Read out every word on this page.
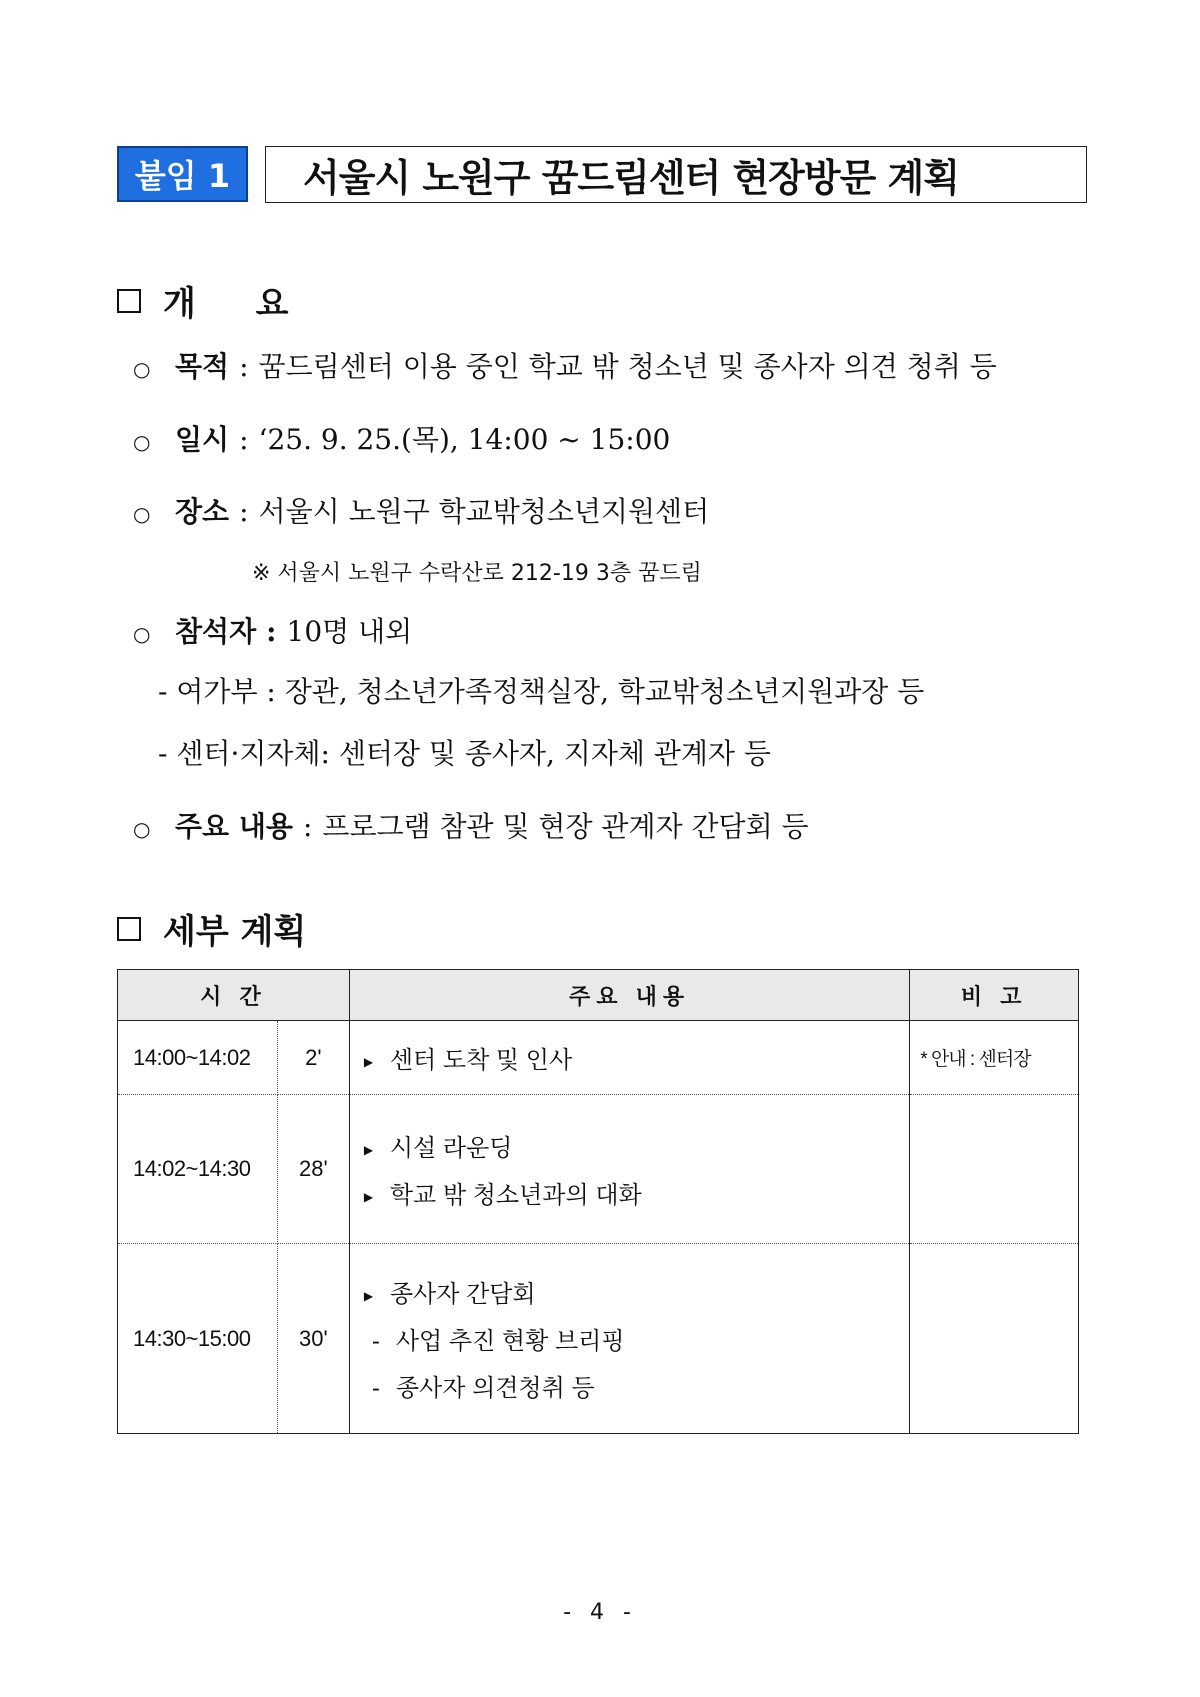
붙임 1	서울시 노원구 꿈드림센터 현장방문 계획
개 요
○ 목적 : 꿈드림센터 이용 중인 학교 밖 청소년 및 종사자 의견 청취 등
○ 일시 : ‘25. 9. 25.(목), 14:00 ~ 15:00
○ 장소 : 서울시 노원구 학교밖청소년지원센터
※ 서울시 노원구 수락산로 212-19 3층 꿈드림
○ 참석자 : 10명 내외
- 여가부 : 장관, 청소년가족정책실장, 학교밖청소년지원과장 등
- 센터·지자체: 센터장 및 종사자, 지자체 관계자 등
○ 주요 내용 : 프로그램 참관 및 현장 관계자 간담회 등
세부 계획
시 간		주요 내용	비 고
14:00~14:02	2'	▶ 센터 도착 및 인사	* 안내 : 센터장
14:02~14:30	28'	▶ 시설 라운딩
▶ 학교 밖 청소년과의 대화	

14:30~15:00	30'	▶ 종사자 간담회
- 사업 추진 현황 브리핑
- 종사자 의견청취 등	

- 4 -
